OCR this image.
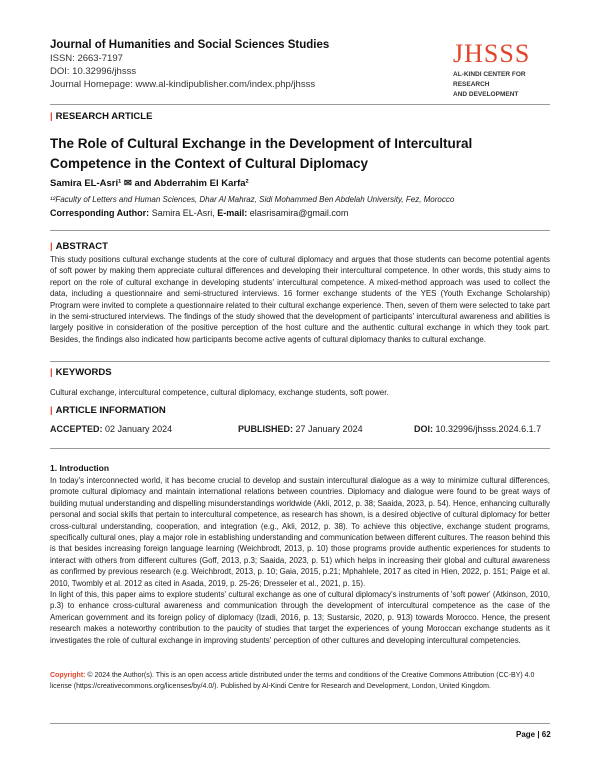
Journal of Humanities and Social Sciences Studies
ISSN: 2663-7197
DOI: 10.32996/jhsss
Journal Homepage: www.al-kindipublisher.com/index.php/jhsss
JHSSS
AL-KINDI CENTER FOR RESEARCH
AND DEVELOPMENT
| RESEARCH ARTICLE
The Role of Cultural Exchange in the Development of Intercultural Competence in the Context of Cultural Diplomacy
Samira EL-Asri¹ ✉ and Abderrahim El Karfa²
¹²Faculty of Letters and Human Sciences, Dhar Al Mahraz, Sidi Mohammed Ben Abdelah University, Fez, Morocco
Corresponding Author: Samira EL-Asri, E-mail: elasrisamira@gmail.com
| ABSTRACT
This study positions cultural exchange students at the core of cultural diplomacy and argues that those students can become potential agents of soft power by making them appreciate cultural differences and developing their intercultural competence. In other words, this study aims to report on the role of cultural exchange in developing students' intercultural competence. A mixed-method approach was used to collect the data, including a questionnaire and semi-structured interviews. 16 former exchange students of the YES (Youth Exchange Scholarship) Program were invited to complete a questionnaire related to their cultural exchange experience. Then, seven of them were selected to take part in the semi-structured interviews. The findings of the study showed that the development of participants' intercultural awareness and abilities is largely positive in consideration of the positive perception of the host culture and the authentic cultural exchange in which they took part. Besides, the findings also indicated how participants become active agents of cultural diplomacy thanks to cultural exchange.
| KEYWORDS
Cultural exchange, intercultural competence, cultural diplomacy, exchange students, soft power.
| ARTICLE INFORMATION
ACCEPTED: 02 January 2024	PUBLISHED: 27 January 2024	DOI: 10.32996/jhsss.2024.6.1.7
1. Introduction
In today's interconnected world, it has become crucial to develop and sustain intercultural dialogue as a way to minimize cultural differences, promote cultural diplomacy and maintain international relations between countries. Diplomacy and dialogue were found to be great ways of building mutual understanding and dispelling misunderstandings worldwide (Akli, 2012, p. 38; Saaida, 2023, p. 54). Hence, enhancing culturally personal and social skills that pertain to intercultural competence, as research has shown, is a desired objective of cultural diplomacy for better cross-cultural understanding, cooperation, and integration (e.g., Akli, 2012, p. 38). To achieve this objective, exchange student programs, specifically cultural ones, play a major role in establishing understanding and communication between different cultures. The reason behind this is that besides increasing foreign language learning (Weichbrodt, 2013, p. 10) those programs provide authentic experiences for students to interact with others from different cultures (Goff, 2013, p.3; Saaida, 2023, p. 51) which helps in increasing their global and cultural awareness as confirmed by previous research (e.g. Weichbrodt, 2013, p. 10; Gaia, 2015, p.21; Mphahlele, 2017 as cited in Hien, 2022, p. 151; Paige et al. 2010, Twombly et al. 2012 as cited in Asada, 2019, p. 25-26; Dresseler et al., 2021, p. 15).
In light of this, this paper aims to explore students' cultural exchange as one of cultural diplomacy's instruments of 'soft power' (Atkinson, 2010, p.3) to enhance cross-cultural awareness and communication through the development of intercultural competence as the case of the American government and its foreign policy of diplomacy (Izadi, 2016, p. 13; Sustarsic, 2020, p. 913) towards Morocco. Hence, the present research makes a noteworthy contribution to the paucity of studies that target the experiences of young Moroccan exchange students as it investigates the role of cultural exchange in improving students' perception of other cultures and developing intercultural competencies.
Copyright: © 2024 the Author(s). This is an open access article distributed under the terms and conditions of the Creative Commons Attribution (CC-BY) 4.0 license (https://creativecommons.org/licenses/by/4.0/). Published by Al-Kindi Centre for Research and Development, London, United Kingdom.
Page | 62
